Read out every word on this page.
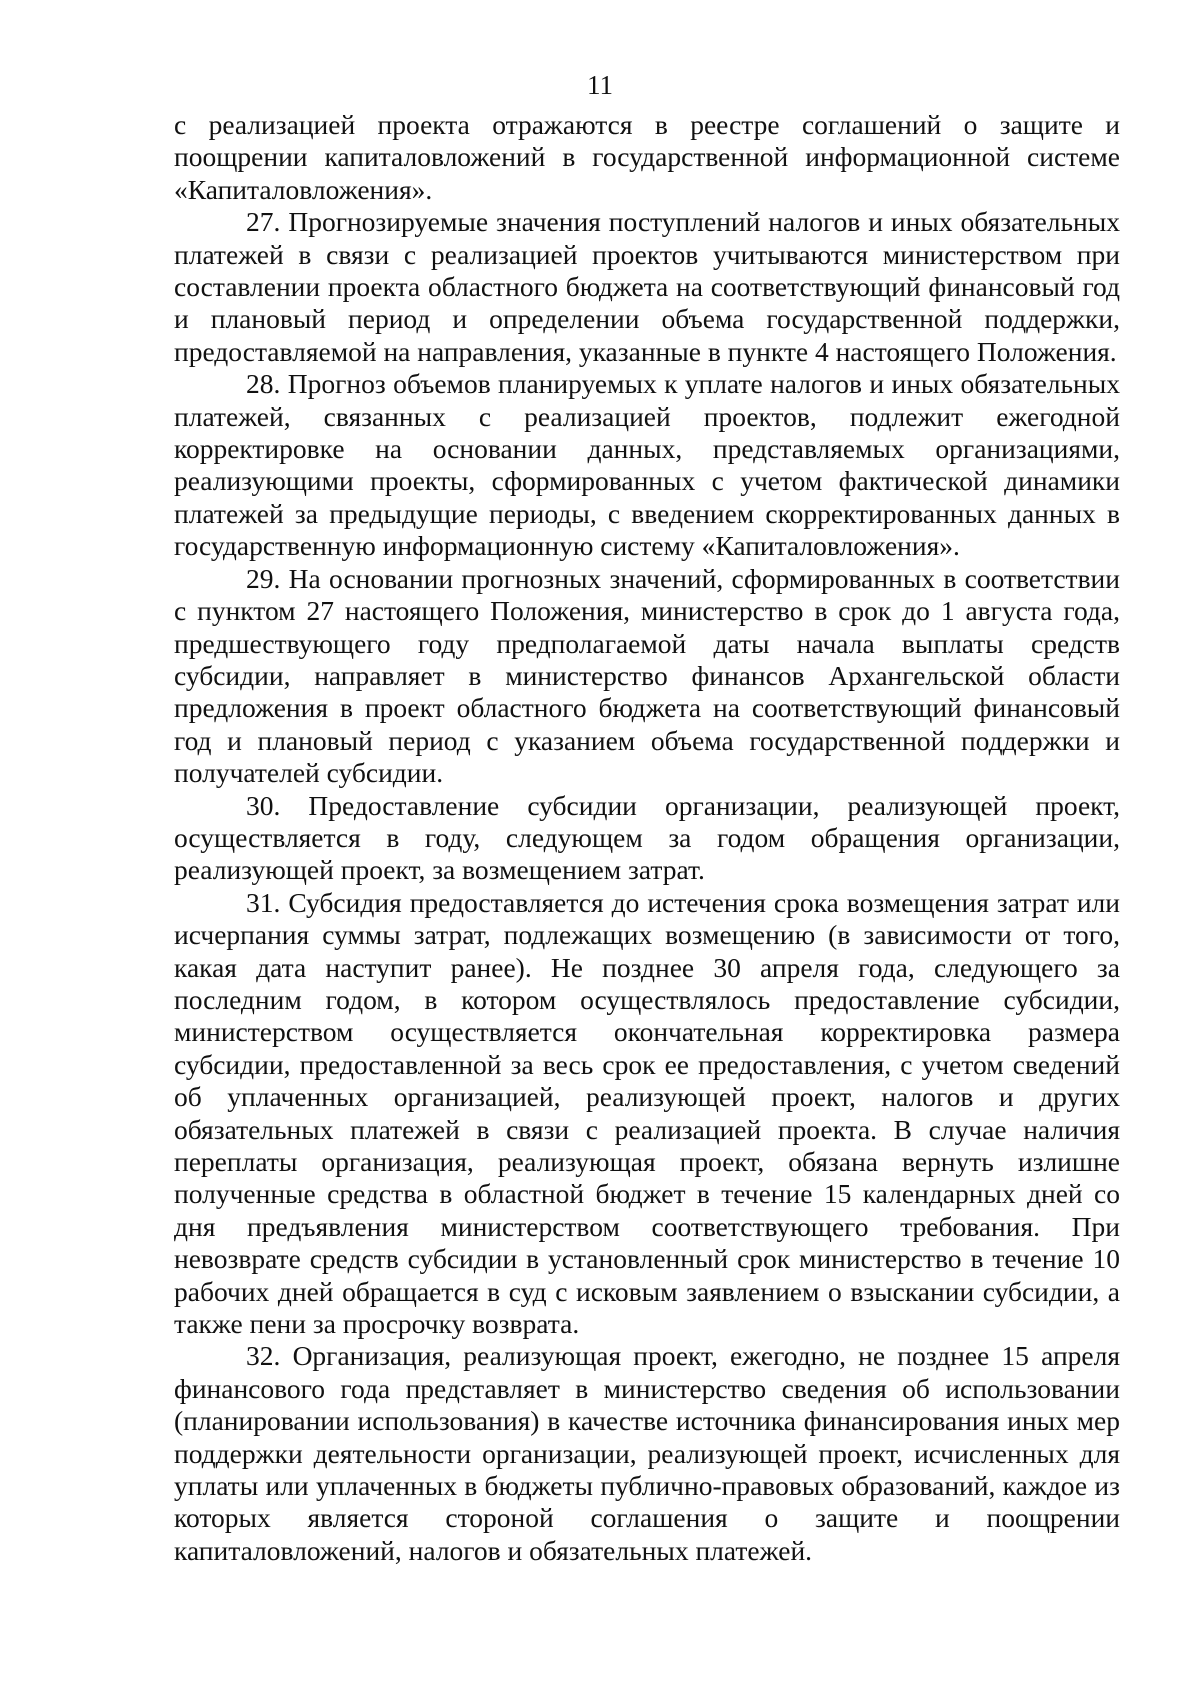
11

с реализацией проекта отражаются в реестре соглашений о защите и поощрении капиталовложений в государственной информационной системе «Капиталовложения».

27. Прогнозируемые значения поступлений налогов и иных обязательных платежей в связи с реализацией проектов учитываются министерством при составлении проекта областного бюджета на соответствующий финансовый год и плановый период и определении объема государственной поддержки, предоставляемой на направления, указанные в пункте 4 настоящего Положения.

28. Прогноз объемов планируемых к уплате налогов и иных обязательных платежей, связанных с реализацией проектов, подлежит ежегодной корректировке на основании данных, представляемых организациями, реализующими проекты, сформированных с учетом фактической динамики платежей за предыдущие периоды, с введением скорректированных данных в государственную информационную систему «Капиталовложения».

29. На основании прогнозных значений, сформированных в соответствии с пунктом 27 настоящего Положения, министерство в срок до 1 августа года, предшествующего году предполагаемой даты начала выплаты средств субсидии, направляет в министерство финансов Архангельской области предложения в проект областного бюджета на соответствующий финансовый год и плановый период с указанием объема государственной поддержки и получателей субсидии.

30. Предоставление субсидии организации, реализующей проект, осуществляется в году, следующем за годом обращения организации, реализующей проект, за возмещением затрат.

31. Субсидия предоставляется до истечения срока возмещения затрат или исчерпания суммы затрат, подлежащих возмещению (в зависимости от того, какая дата наступит ранее). Не позднее 30 апреля года, следующего за последним годом, в котором осуществлялось предоставление субсидии, министерством осуществляется окончательная корректировка размера субсидии, предоставленной за весь срок ее предоставления, с учетом сведений об уплаченных организацией, реализующей проект, налогов и других обязательных платежей в связи с реализацией проекта. В случае наличия переплаты организация, реализующая проект, обязана вернуть излишне полученные средства в областной бюджет в течение 15 календарных дней со дня предъявления министерством соответствующего требования. При невозврате средств субсидии в установленный срок министерство в течение 10 рабочих дней обращается в суд с исковым заявлением о взыскании субсидии, а также пени за просрочку возврата.

32. Организация, реализующая проект, ежегодно, не позднее 15 апреля финансового года представляет в министерство сведения об использовании (планировании использования) в качестве источника финансирования иных мер поддержки деятельности организации, реализующей проект, исчисленных для уплаты или уплаченных в бюджеты публично-правовых образований, каждое из которых является стороной соглашения о защите и поощрении капиталовложений, налогов и обязательных платежей.
